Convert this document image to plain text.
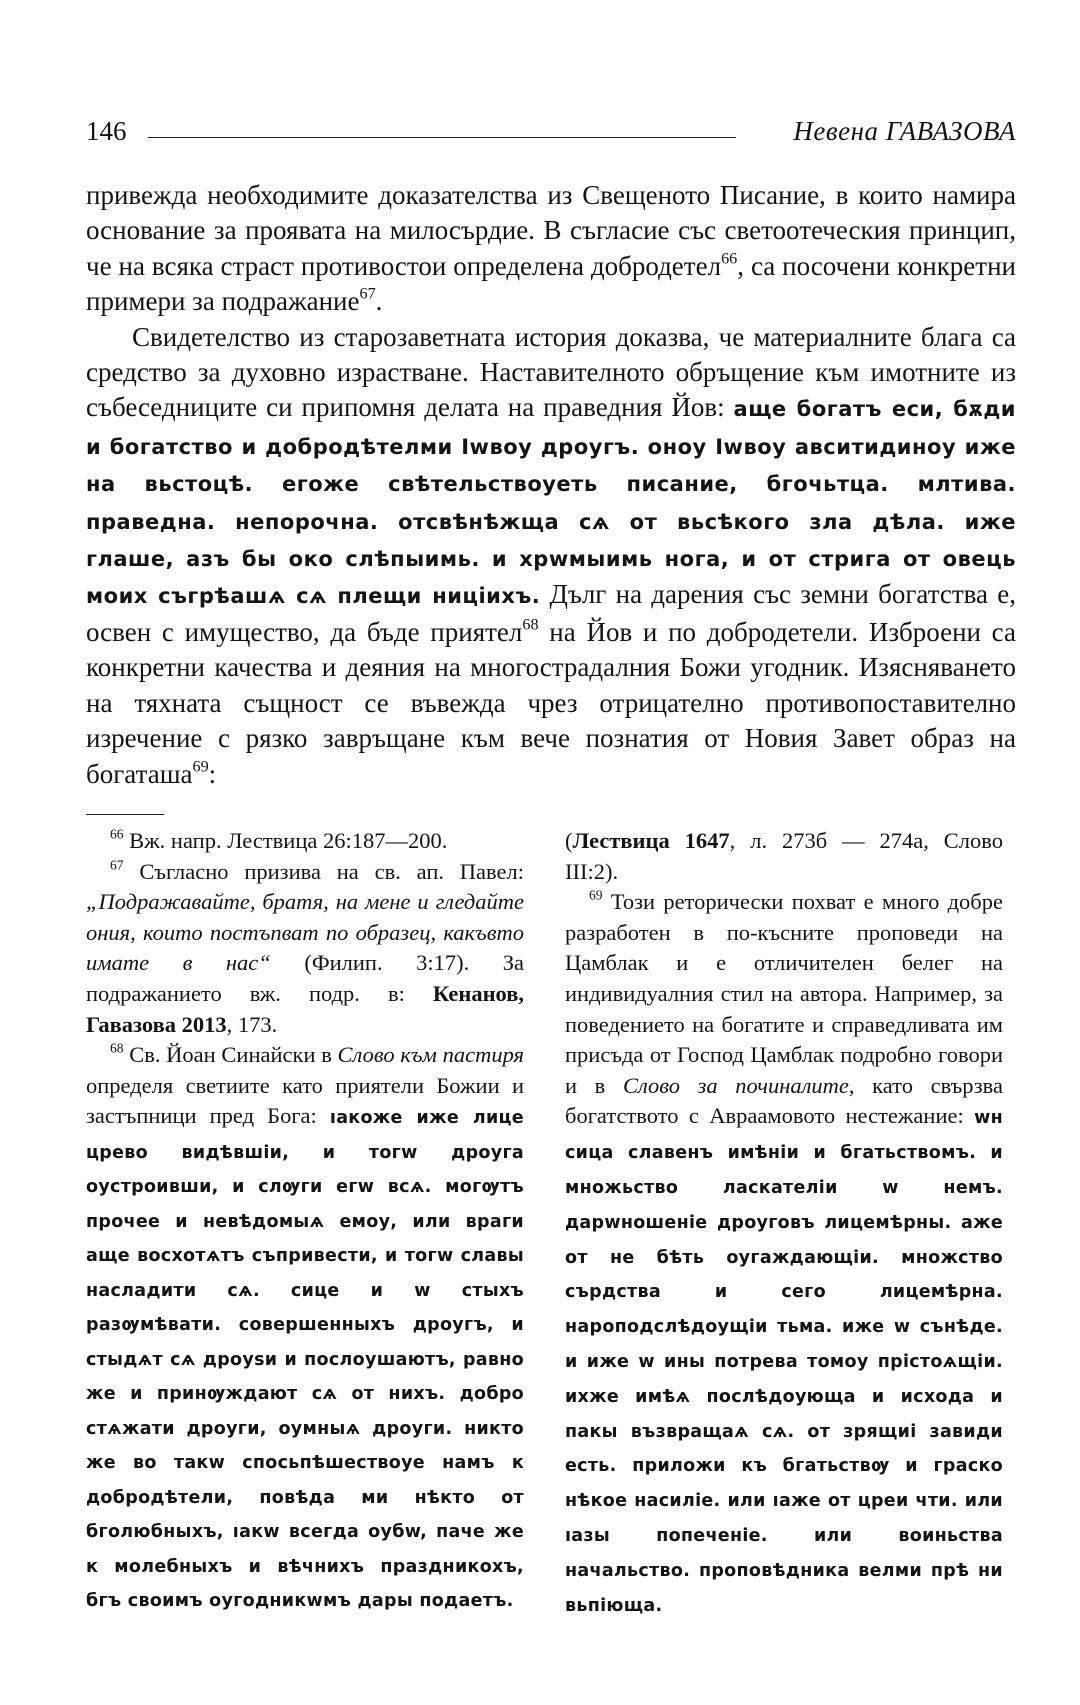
146	Невена ГАВАЗОВА

привежда необходимите доказателства из Свещеното Писание, в които намира основание за проявата на милосърдие. В съгласие със светоотеческия принцип, че на всяка страст противостои определена добродетел$^{66}$, са посочени конкретни примери за подражание$^{67}$.

Свидетелство из старозаветната история доказва, че материалните блага са средство за духовно израстване. Наставителното обръщение към имотните из събеседниците си припомня делата на праведния Йов: аще богатъ еси, бѫди и богатство и добродѣтелми Iwвоу дроугъ. оноу Iwвоу авситидиноу иже на вьстоцѣ. егоже свѣтельствоуеть писание, бгочьтца. млтива. праведна. непорочна. отсвѣнѣжща сѧ от вьсѣкого зла дѣла. иже глаше, азъ бы око слѣпыимь. и хрwмыимь нога, и от стрига от овець моих съгрѣашѧ сѧ плещи ницiихъ. Дълг на дарения със земни богатства е, освен с имущество, да бъде приятел$^{68}$ на Йов и по добродетели. Изброени са конкретни качества и деяния на многострадалния Божи угодник. Изясняването на тяхната същност се въвежда чрез отрицателно противопоставително изречение с рязко завръщане към вече познатия от Новия Завет образ на богаташа$^{69}$:

$^{66}$ Вж. напр. Лествица 26:187—200.

$^{67}$ Съгласно призива на св. ап. Павел: „Подражавайте, братя, на мене и гледайте ония, които постъпват по образец, какъвто имате в нас“ (Филип. 3:17). За подражанието вж. подр. в: Кенанов, Гавазова 2013, 173.

$^{68}$ Св. Йоан Синайски в Слово към пастиря определя светиите като приятели Божии и застъпници пред Бога: ıакоже иже лице црево видѣвшiи, и тогw дроуга оустроивши, и слѹги егw всѧ. могѹтъ прочее и невѣдомыѧ емоу, или враги аще восхотѧтъ съпривести, и тогw славы насладити сѧ. сице и w стыхъ разѹмѣвати. совершенныхъ дроугъ, и стыдѧт сѧ дроуѕи и послоушаютъ, равно же и принѹждают сѧ от нихъ. добро стѧжати дроуги, оумныѧ дроуги. никто же во такw спосьпѣшествоуе намъ к добродѣтели, повѣда ми нѣкто от бголюбныхъ, ıакw всегда оубw, паче же к молебныхъ и вѣчнихъ праздникохъ, бгъ своимъ оугодникwмъ дары подаетъ.

(Лествица 1647, л. 273б — 274а, Слово III:2).

$^{69}$ Този реторически похват е много добре разработен в по-късните проповеди на Цамблак и е отличителен белег на индивидуалния стил на автора. Например, за поведението на богатите и справедливата им присъда от Господ Цамблак подробно говори и в Слово за починалите, като свързва богатството с Авраамовото нестежание: wн сица славенъ имѣнiи и бгатьствомъ. и множьство ласкателiи w немъ. дарwношенiе дроуговъ лицемѣрны. аже от не бѣть оугаждающiи. множство сърдства и сего лицемѣрна. нароподслѣдоущiи тьма. иже w сънѣде. и иже w ины потрева томоу прiстоѧщiи. ихже имѣѧ послѣдоующа и исхода и пакы възвращаѧ сѧ. от зрящиi завиди есть. приложи къ бгатьствѹ и граско нѣкое насилiе. или ıаже от цреи чти. или ıазы попеченiе. или воиньства начальство. проповѣдника велми прѣ ни вьпiюща.
